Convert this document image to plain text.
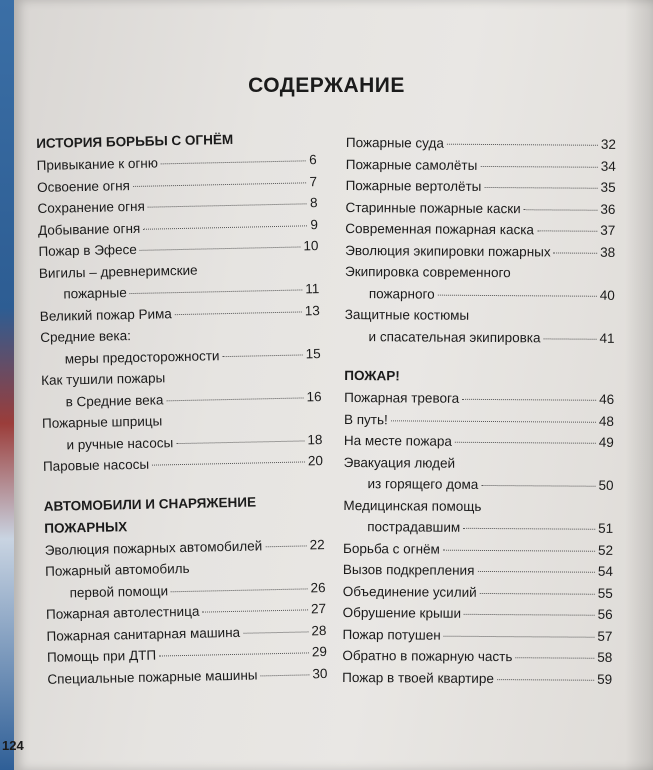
СОДЕРЖАНИЕ
ИСТОРИЯ БОРЬБЫ С ОГНЁМ
Привыкание к огню	6
Освоение огня	7
Сохранение огня	8
Добывание огня	9
Пожар в Эфесе	10
Вигилы – древнеримские
пожарные	11
Великий пожар Рима	13
Средние века:
меры предосторожности	15
Как тушили пожары
в Средние века	16
Пожарные шприцы
и ручные насосы	18
Паровые насосы	20
АВТОМОБИЛИ И СНАРЯЖЕНИЕ
ПОЖАРНЫХ
Эволюция пожарных автомобилей	22
Пожарный автомобиль
первой помощи	26
Пожарная автолестница	27
Пожарная санитарная машина	28
Помощь при ДТП	29
Специальные пожарные машины	30
Пожарные суда	32
Пожарные самолёты	34
Пожарные вертолёты	35
Старинные пожарные каски	36
Современная пожарная каска	37
Эволюция экипировки пожарных	38
Экипировка современного
пожарного	40
Защитные костюмы
и спасательная экипировка	41
ПОЖАР!
Пожарная тревога	46
В путь!	48
На месте пожара	49
Эвакуация людей
из горящего дома	50
Медицинская помощь
пострадавшим	51
Борьба с огнём	52
Вызов подкрепления	54
Объединение усилий	55
Обрушение крыши	56
Пожар потушен	57
Обратно в пожарную часть	58
Пожар в твоей квартире	59
124
